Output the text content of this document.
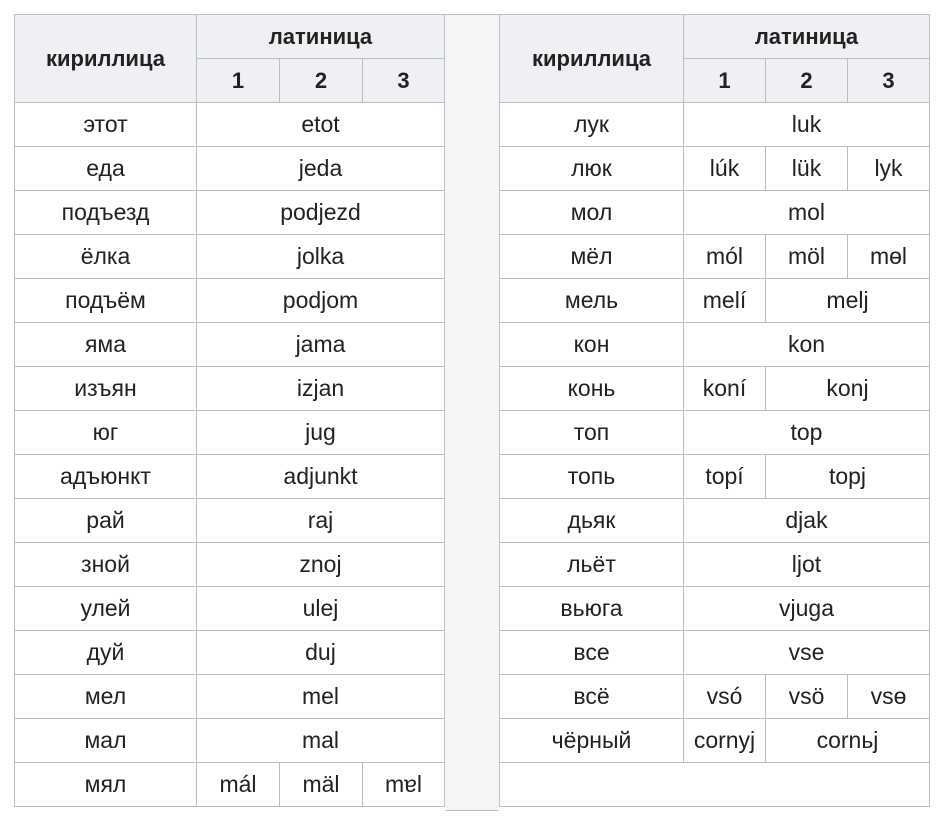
кириллица	латиница		
	1	2	3
этот	etot		
еда	jeda		
подъезд	podjezd		
ёлка	jolka		
подъём	podjom		
яма	jama		
изъян	izjan		
юг	jug		
адъюнкт	adjunkt		
рай	raj		
зной	znoj		
улей	ulej		
дуй	duj		
мел	mel		
мал	mal		
мял	mál	mäl	mɐl
кириллица	латиница		
	1	2	3
лук	luk		
люк	lúk	lük	lyk
мол	mol		
мёл	mól	möl	mɵl
мель	melí	melj	
кон	kon		
конь	koní	konj	
топ	top		
топь	topí	topj	
дьяк	djak		
льёт	ljot		
вьюга	vjuga		
все	vse		
всё	vsó	vsö	vsɵ
чёрный	cornyj	cornьj	
